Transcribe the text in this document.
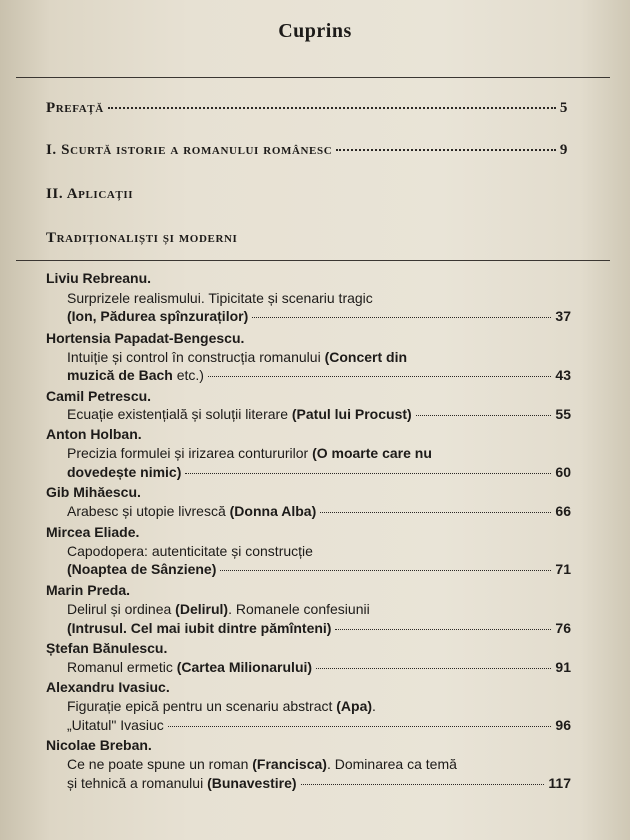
Cuprins
Prefață	5
I. Scurtă istorie a romanului românesc	9
II. Aplicații
Tradiționaliști și moderni
Liviu Rebreanu.
Surprizele realismului. Tipicitate și scenariu tragic
(Ion, Pădurea spînzuraților)	37
Hortensia Papadat-Bengescu.
Intuiție și control în construcția romanului (Concert din
muzică de Bach etc.)	43
Camil Petrescu.
Ecuație existențială și soluții literare (Patul lui Procust)	55
Anton Holban.
Precizia formulei și irizarea contururilor (O moarte care nu
dovedește nimic)	60
Gib Mihăescu.
Arabesc și utopie livrescă (Donna Alba)	66
Mircea Eliade.
Capodopera: autenticitate și construcție
(Noaptea de Sânziene)	71
Marin Preda.
Delirul și ordinea (Delirul). Romanele confesiunii
(Intrusul. Cel mai iubit dintre pămînteni)	76
Ștefan Bănulescu.
Romanul ermetic (Cartea Milionarului)	91
Alexandru Ivasiuc.
Figurație epică pentru un scenariu abstract (Apa).
„Uitatul" Ivasiuc	96
Nicolae Breban.
Ce ne poate spune un roman (Francisca). Dominarea ca temă
și tehnică a romanului (Bunavestire)	117
